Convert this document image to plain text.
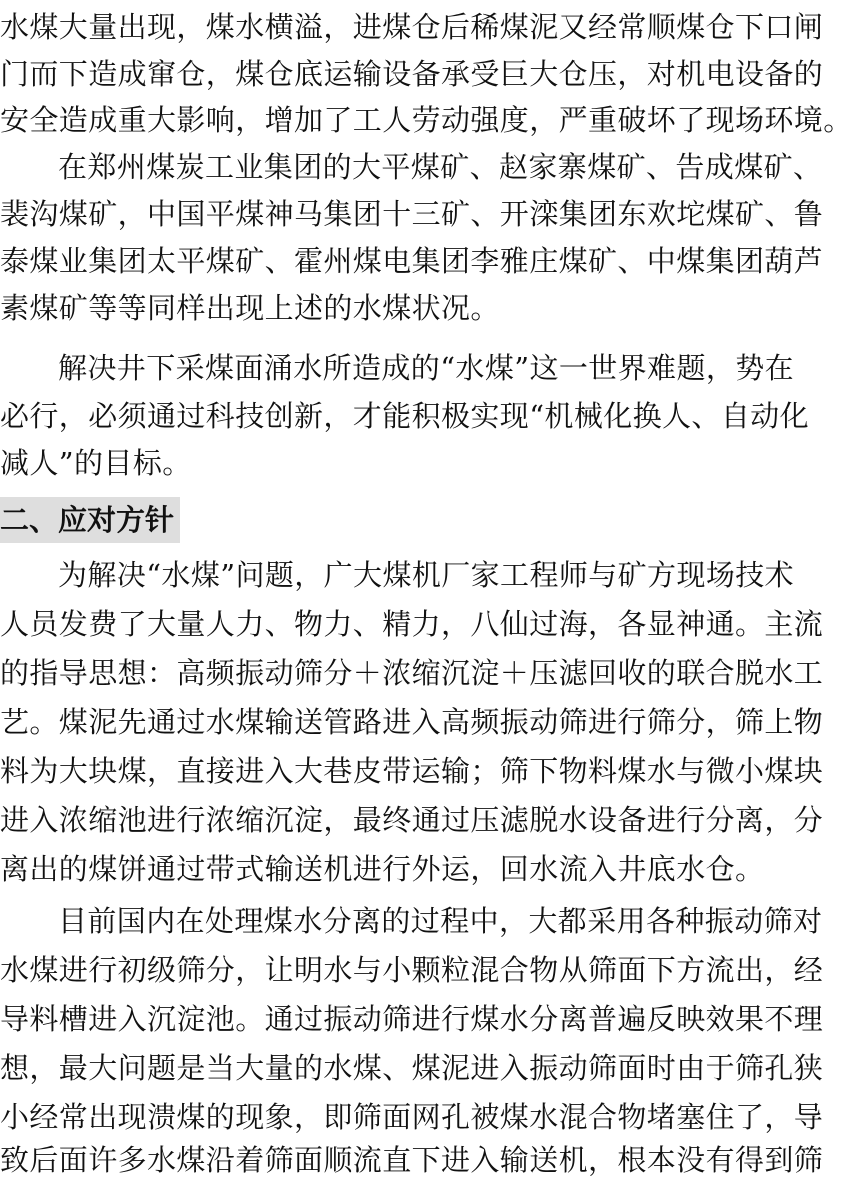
水煤大量出现，煤水横溢，进煤仓后稀煤泥又经常顺煤仓下口闸
门而下造成窜仓，煤仓底运输设备承受巨大仓压，对机电设备的
安全造成重大影响，增加了工人劳动强度，严重破坏了现场环境。
在郑州煤炭工业集团的大平煤矿、赵家寨煤矿、告成煤矿、
裴沟煤矿，中国平煤神马集团十三矿、开滦集团东欢坨煤矿、鲁
泰煤业集团太平煤矿、霍州煤电集团李雅庄煤矿、中煤集团葫芦
素煤矿等等同样出现上述的水煤状况。
解决井下采煤面涌水所造成的“水煤”这一世界难题，势在
必行，必须通过科技创新，才能积极实现“机械化换人、自动化
减人”的目标。
二、应对方针
为解决“水煤”问题，广大煤机厂家工程师与矿方现场技术
人员发费了大量人力、物力、精力，八仙过海，各显神通。主流
的指导思想：高频振动筛分＋浓缩沉淀＋压滤回收的联合脱水工
艺。煤泥先通过水煤输送管路进入高频振动筛进行筛分，筛上物
料为大块煤，直接进入大巷皮带运输；筛下物料煤水与微小煤块
进入浓缩池进行浓缩沉淀，最终通过压滤脱水设备进行分离，分
离出的煤饼通过带式输送机进行外运，回水流入井底水仓。
目前国内在处理煤水分离的过程中，大都采用各种振动筛对
水煤进行初级筛分，让明水与小颗粒混合物从筛面下方流出，经
导料槽进入沉淀池。通过振动筛进行煤水分离普遍反映效果不理
想，最大问题是当大量的水煤、煤泥进入振动筛面时由于筛孔狭
小经常出现溃煤的现象，即筛面网孔被煤水混合物堵塞住了，导
致后面许多水煤沿着筛面顺流直下进入输送机，根本没有得到筛
